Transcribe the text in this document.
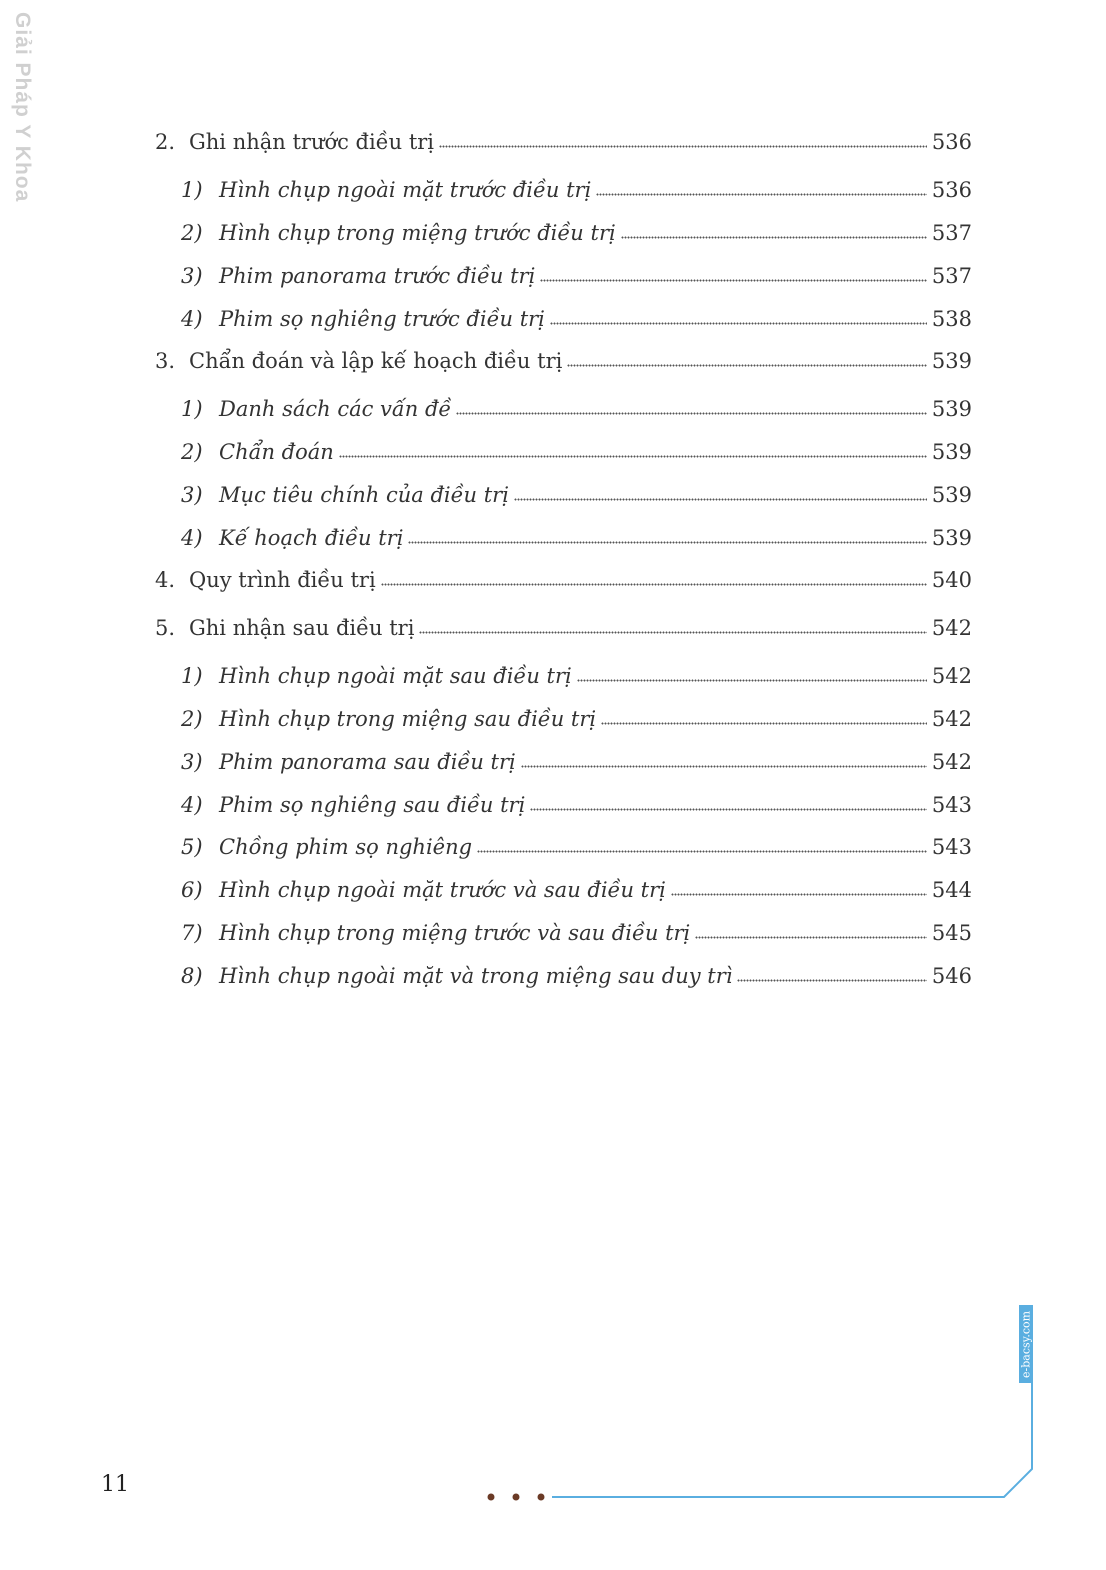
Giải Pháp Y Khoa	2. Ghi nhận trước điều trị	536
1) Hình chụp ngoài mặt trước điều trị	536
2) Hình chụp trong miệng trước điều trị	537
3) Phim panorama trước điều trị	537
4) Phim sọ nghiêng trước điều trị	538
3. Chẩn đoán và lập kế hoạch điều trị	539
1) Danh sách các vấn đề	539
2) Chẩn đoán	539
3) Mục tiêu chính của điều trị	539
4) Kế hoạch điều trị	539
4. Quy trình điều trị	540
5. Ghi nhận sau điều trị	542
1) Hình chụp ngoài mặt sau điều trị	542
2) Hình chụp trong miệng sau điều trị	542
3) Phim panorama sau điều trị	542
4) Phim sọ nghiêng sau điều trị	543
5) Chồng phim sọ nghiêng	543
6) Hình chụp ngoài mặt trước và sau điều trị	544
7) Hình chụp trong miệng trước và sau điều trị	545
8) Hình chụp ngoài mặt và trong miệng sau duy trì	546
11
e-bacsy.com
